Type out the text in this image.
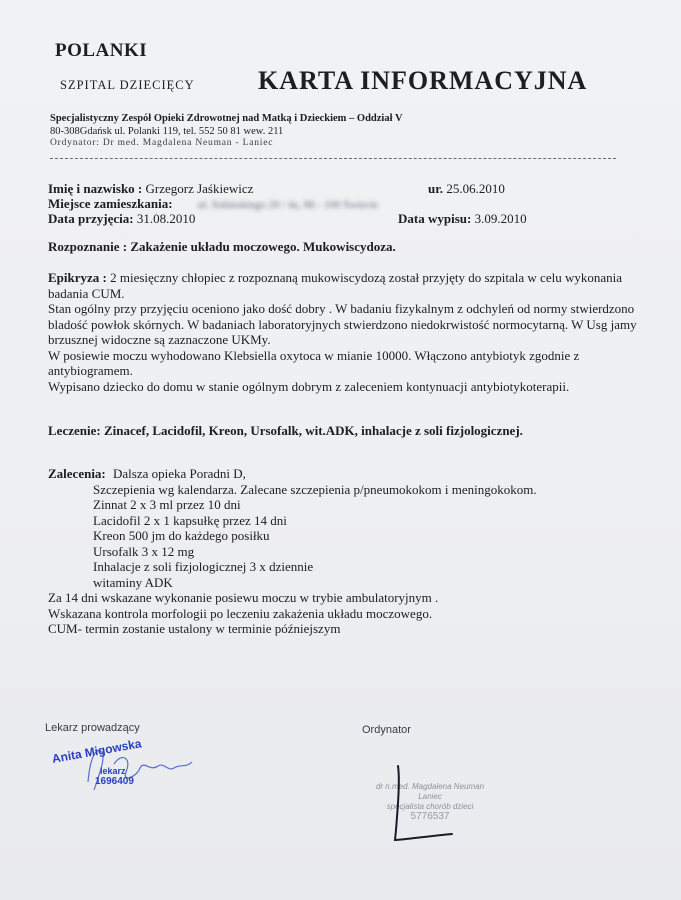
POLANKI
SZPITAL DZIECIĘCY KARTA INFORMACYJNA
Specjalistyczny Zespół Opieki Zdrowotnej nad Matką i Dzieckiem – Oddział V
80-308Gdańsk ul. Polanki 119, tel. 552 50 81 wew. 211
Ordynator: Dr med. Magdalena Neuman - Laniec
Imię i nazwisko : Grzegorz Jaśkiewicz	ur. 25.06.2010
Miejsce zamieszkania: ul. Sobieskiego 20 / 4a, 86 - 100 Świecie
Data przyjęcia: 31.08.2010	Data wypisu: 3.09.2010
Rozpoznanie : Zakażenie układu moczowego. Mukowiscydoza.

Epikryza : 2 miesięczny chłopiec z rozpoznaną mukowiscydozą został przyjęty do szpitala w celu wykonania badania CUM.

Stan ogólny przy przyjęciu oceniono jako dość dobry . W badaniu fizykalnym z odchyleń od normy stwierdzono bladość powłok skórnych. W badaniach laboratoryjnych stwierdzono niedokrwistość normocytarną. W Usg jamy brzusznej widoczne są zaznaczone UKMy.

W posiewie moczu wyhodowano Klebsiella oxytoca w mianie 10000. Włączono antybiotyk zgodnie z antybiogramem.

Wypisano dziecko do domu w stanie ogólnym dobrym z zaleceniem kontynuacji antybiotykoterapii.

Leczenie: Zinacef, Lacidofil, Kreon, Ursofalk, wit.ADK, inhalacje z soli fizjologicznej.
Zalecenia: Dalsza opieka Poradni D,
Szczepienia wg kalendarza. Zalecane szczepienia p/pneumokokom i meningokokom.
Zinnat 2 x 3 ml przez 10 dni
Lacidofil 2 x 1 kapsułkę przez 14 dni
Kreon 500 jm do każdego posiłku
Ursofalk 3 x 12 mg
Inhalacje z soli fizjologicznej 3 x dziennie
witaminy ADK
Za 14 dni wskazane wykonanie posiewu moczu w trybie ambulatoryjnym .
Wskazana kontrola morfologii po leczeniu zakażenia układu moczowego.
CUM- termin zostanie ustalony w terminie późniejszym
Lekarz prowadzący	Ordynator
Anita Migowska
lekarz
1696409	dr n.med. Magdalena Neuman Laniec
specjalista chorób dzieci
5776537
